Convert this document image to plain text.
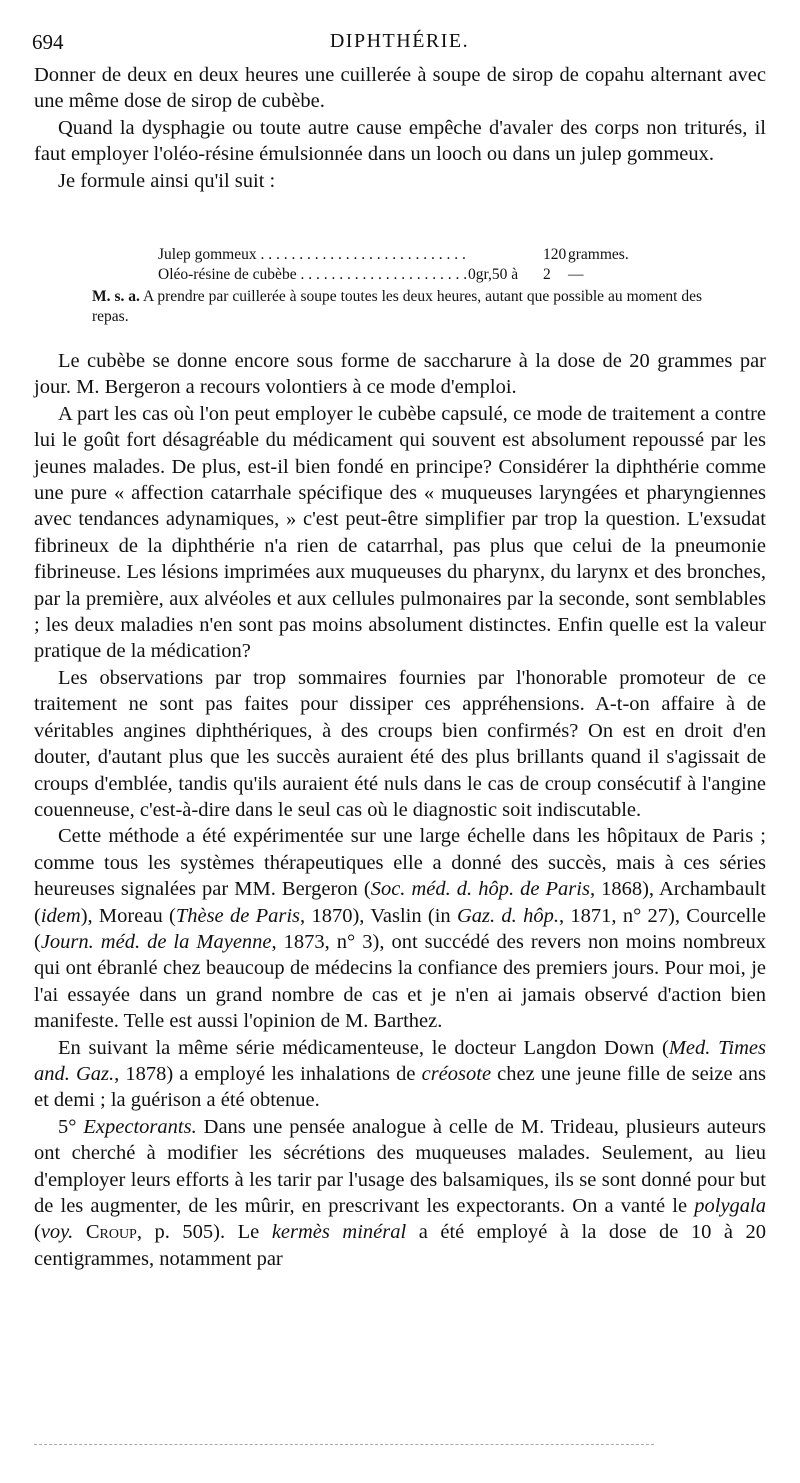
694	DIPHTHÉRIE.

Donner de deux en deux heures une cuillerée à soupe de sirop de copahu alternant avec une même dose de sirop de cubèbe.

Quand la dysphagie ou toute autre cause empêche d'avaler des corps non triturés, il faut employer l'oléo-résine émulsionnée dans un looch ou dans un julep gommeux.

Je formule ainsi qu'il suit :

Julep gommeux . . .	120 grammes.
Oléo-résine de cubèbe . . .	0gr,50 à 2 —
M. s. a. A prendre par cuillerée à soupe toutes les deux heures, autant que possible au moment des repas.

Le cubèbe se donne encore sous forme de saccharure à la dose de 20 grammes par jour. M. Bergeron a recours volontiers à ce mode d'emploi.

A part les cas où l'on peut employer le cubèbe capsulé, ce mode de traitement a contre lui le goût fort désagréable du médicament qui souvent est absolument repoussé par les jeunes malades. De plus, est-il bien fondé en principe? Considérer la diphthérie comme une pure « affection catarrhale spécifique des « muqueuses laryngées et pharyngiennes avec tendances adynamiques, » c'est peut-être simplifier par trop la question. L'exsudat fibrineux de la diphthérie n'a rien de catarrhal, pas plus que celui de la pneumonie fibrineuse. Les lésions imprimées aux muqueuses du pharynx, du larynx et des bronches, par la première, aux alvéoles et aux cellules pulmonaires par la seconde, sont semblables ; les deux maladies n'en sont pas moins absolument distinctes. Enfin quelle est la valeur pratique de la médication?

Les observations par trop sommaires fournies par l'honorable promoteur de ce traitement ne sont pas faites pour dissiper ces appréhensions. A-t-on affaire à de véritables angines diphthériques, à des croups bien confirmés? On est en droit d'en douter, d'autant plus que les succès auraient été des plus brillants quand il s'agissait de croups d'emblée, tandis qu'ils auraient été nuls dans le cas de croup consécutif à l'angine couenneuse, c'est-à-dire dans le seul cas où le diagnostic soit indiscutable.

Cette méthode a été expérimentée sur une large échelle dans les hôpitaux de Paris ; comme tous les systèmes thérapeutiques elle a donné des succès, mais à ces séries heureuses signalées par MM. Bergeron (Soc. méd. d. hôp. de Paris, 1868), Archambault (idem), Moreau (Thèse de Paris, 1870), Vaslin (in Gaz. d. hôp., 1871, n° 27), Courcelle (Journ. méd. de la Mayenne, 1873, n° 3), ont succédé des revers non moins nombreux qui ont ébranlé chez beaucoup de médecins la confiance des premiers jours. Pour moi, je l'ai essayée dans un grand nombre de cas et je n'en ai jamais observé d'action bien manifeste. Telle est aussi l'opinion de M. Barthez.

En suivant la même série médicamenteuse, le docteur Langdon Down (Med. Times and. Gaz., 1878) a employé les inhalations de créosote chez une jeune fille de seize ans et demi ; la guérison a été obtenue.

5° Expectorants. Dans une pensée analogue à celle de M. Trideau, plusieurs auteurs ont cherché à modifier les sécrétions des muqueuses malades. Seulement, au lieu d'employer leurs efforts à les tarir par l'usage des balsamiques, ils se sont donné pour but de les augmenter, de les mûrir, en prescrivant les expectorants. On a vanté le polygala (voy. Croup, p. 505). Le kermès minéral a été employé à la dose de 10 à 20 centigrammes, notamment par
